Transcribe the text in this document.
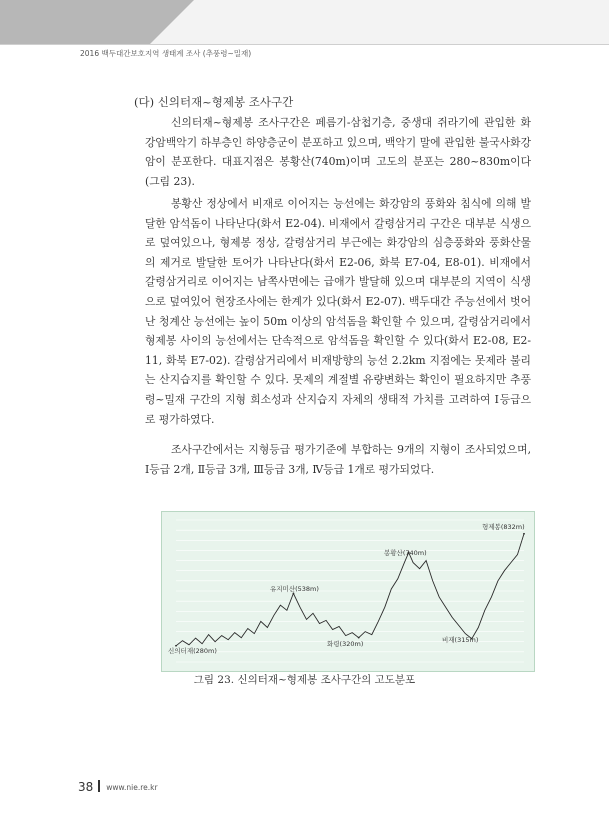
2016 백두대간보호지역 생태계 조사 (추풍령~밀재)
(다) 신의터재~형제봉 조사구간

신의터재~형제봉 조사구간은 페름기-삼첩기층, 중생대 쥐라기에 관입한 화강암백악기 하부층인 하양층군이 분포하고 있으며, 백악기 말에 관입한 불국사화강암이 분포한다. 대표지점은 봉황산(740m)이며 고도의 분포는 280~830m이다(그림 23).

봉황산 정상에서 비재로 이어지는 능선에는 화강암의 풍화와 침식에 의해 발달한 암석돔이 나타난다(화서 E2-04). 비재에서 갈령삼거리 구간은 대부분 식생으로 덮여있으나, 형제봉 정상, 갈령삼거리 부근에는 화강암의 심층풍화와 풍화산물의 제거로 발달한 토어가 나타난다(화서 E2-06, 화북 E7-04, E8-01). 비재에서 갈령삼거리로 이어지는 남쪽사면에는 급애가 발달해 있으며 대부분의 지역이 식생으로 덮여있어 현장조사에는 한계가 있다(화서 E2-07). 백두대간 주능선에서 벗어난 청계산 능선에는 높이 50m 이상의 암석돔을 확인할 수 있으며, 갈령삼거리에서 형제봉 사이의 능선에서는 단속적으로 암석돔을 확인할 수 있다(화서 E2-08, E2-11, 화북 E7-02). 갈령삼거리에서 비재방향의 능선 2.2km 지점에는 못제라 불리는 산지습지를 확인할 수 있다. 못제의 계절별 유량변화는 확인이 필요하지만 추풍령~밀재 구간의 지형 희소성과 산지습지 자체의 생태적 가치를 고려하여 Ⅰ등급으로 평가하였다.

조사구간에서는 지형등급 평가기준에 부합하는 9개의 지형이 조사되었으며, Ⅰ등급 2개, Ⅱ등급 3개, Ⅲ등급 3개, Ⅳ등급 1개로 평가되었다.

신의터재(280m)
유지미산(538m)
화령(320m)
봉황산(740m)
비재(315m)
형제봉(832m)
그림 23. 신의터재~형제봉 조사구간의 고도분포
38 www.nie.re.kr
